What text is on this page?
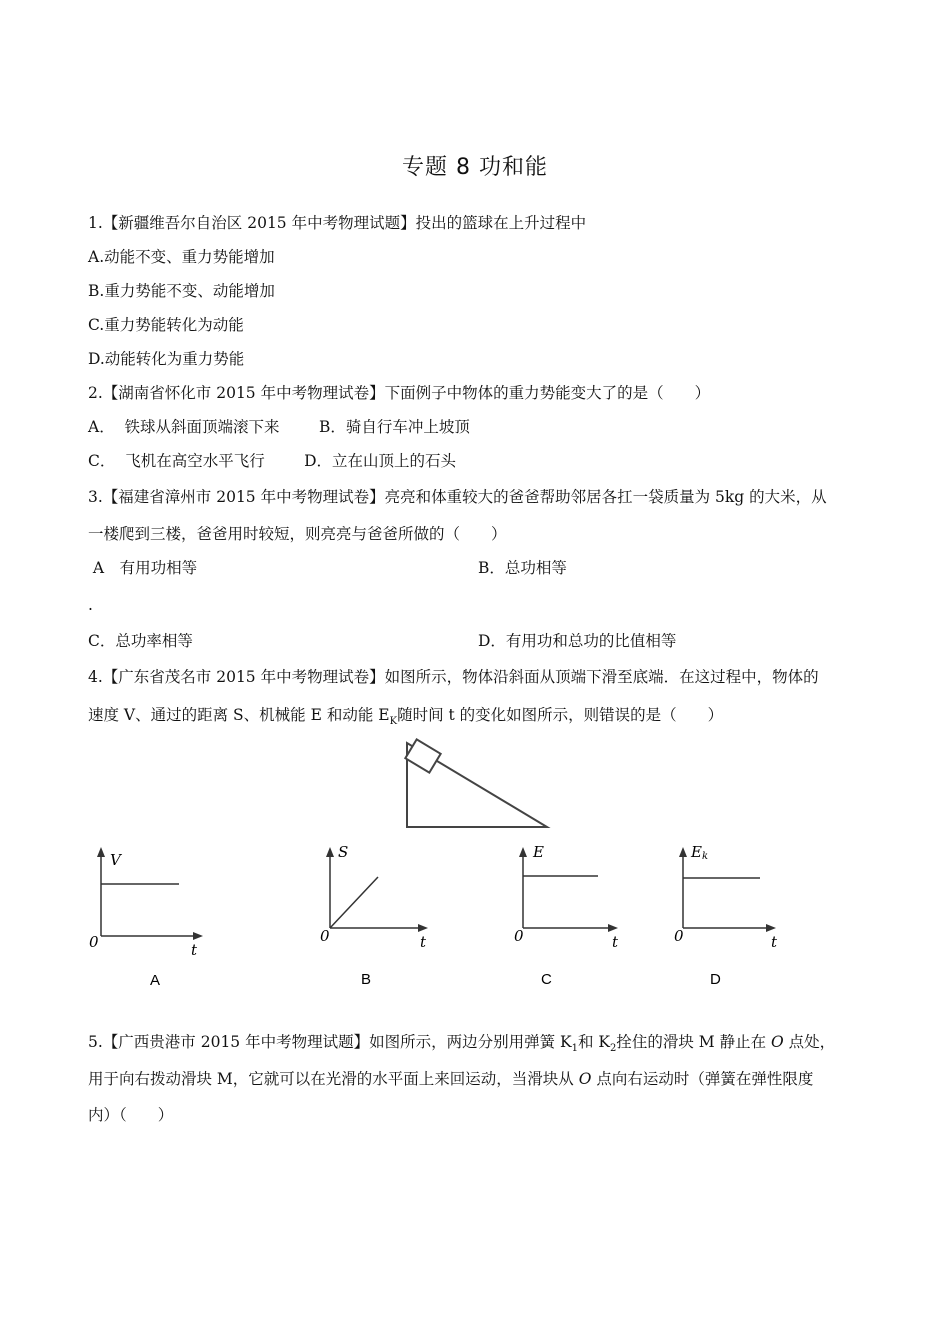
专题 8 功和能
1.【新疆维吾尔自治区 2015 年中考物理试题】投出的篮球在上升过程中
A.动能不变、重力势能增加
B.重力势能不变、动能增加
C.重力势能转化为动能
D.动能转化为重力势能
2.【湖南省怀化市 2015 年中考物理试卷】下面例子中物体的重力势能变大了的是（　　）
A．  铁球从斜面顶端滚下来        B．骑自行车冲上坡顶
C．  飞机在高空水平飞行        D．立在山顶上的石头
3.【福建省漳州市 2015 年中考物理试卷】亮亮和体重较大的爸爸帮助邻居各扛一袋质量为 5kg 的大米，从
一楼爬到三楼，爸爸用时较短，则亮亮与爸爸所做的（　　）
A　有用功相等	B．总功相等
.
C．总功率相等	D．有用功和总功的比值相等
4.【广东省茂名市 2015 年中考物理试卷】如图所示，物体沿斜面从顶端下滑至底端．在这过程中，物体的
速度 V、通过的距离 S、机械能 E 和动能 $E_K$随时间 t 的变化如图所示，则错误的是（　　）
V
t
0
A
S
t
0
B
E
t
0
C
Ek
t
0
D
5.【广西贵港市 2015 年中考物理试题】如图所示，两边分别用弹簧 $K_1$和 $K_2$拴住的滑块 M 静止在 O 点处，
用于向右拨动滑块 M，它就可以在光滑的水平面上来回运动，当滑块从 O 点向右运动时（弹簧在弹性限度
内）（　　）
